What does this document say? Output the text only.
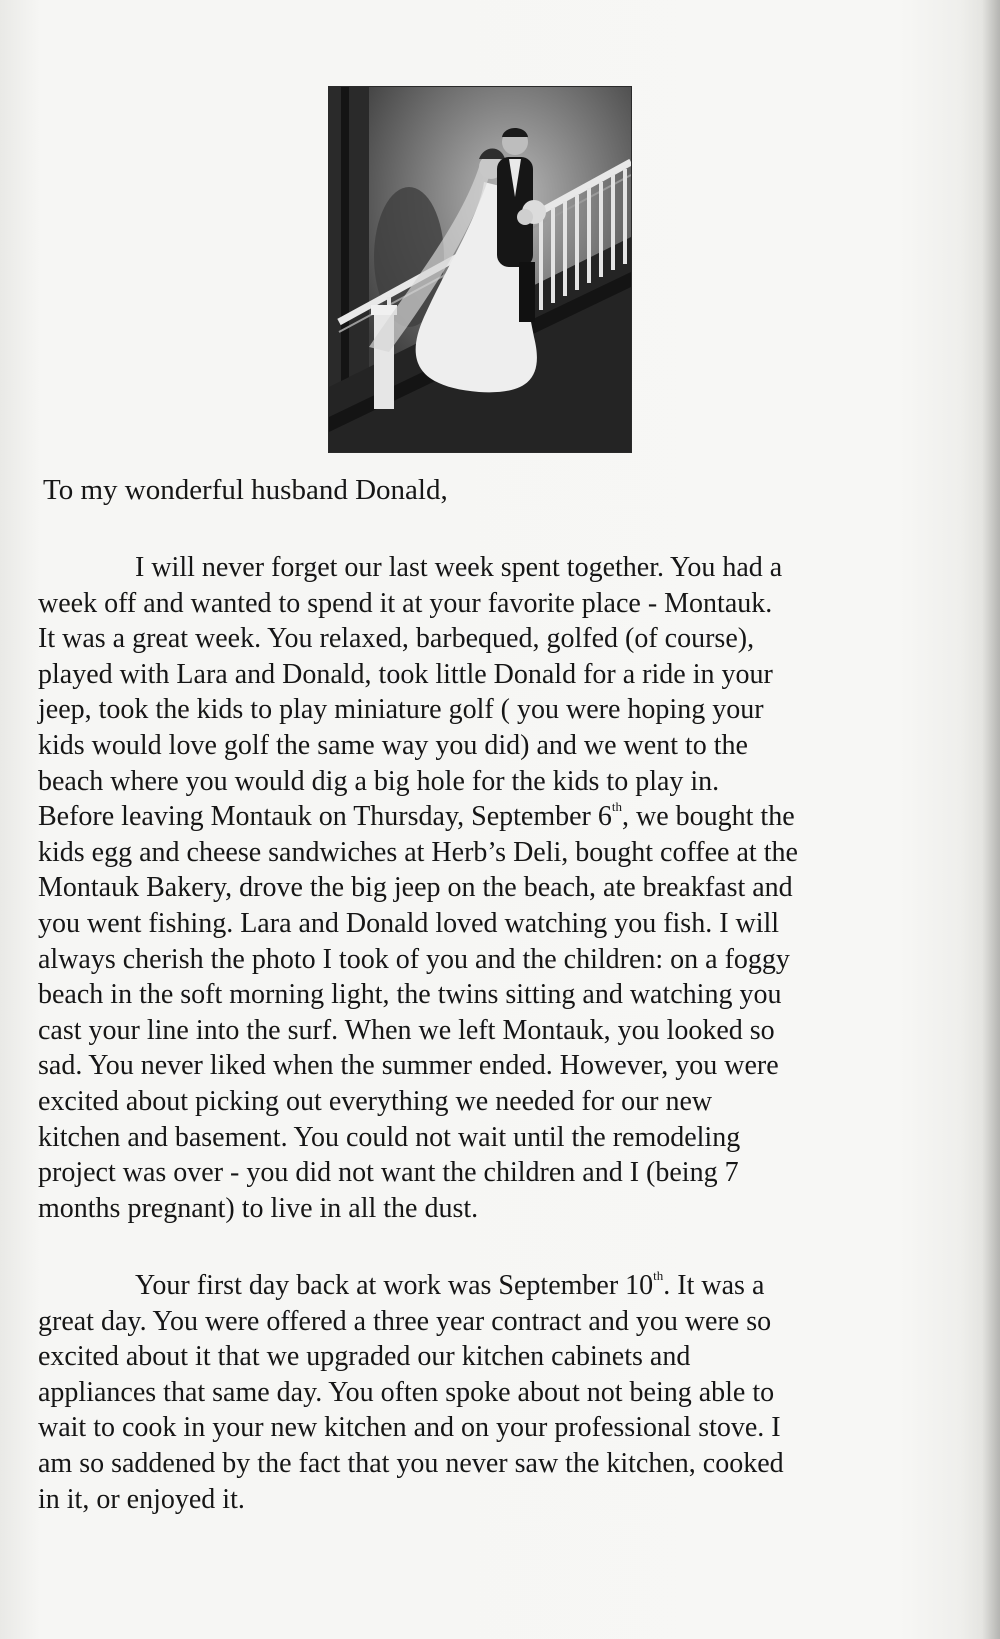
To my wonderful husband Donald,

I will never forget our last week spent together. You had a
week off and wanted to spend it at your favorite place - Montauk.
It was a great week. You relaxed, barbequed, golfed (of course),
played with Lara and Donald, took little Donald for a ride in your
jeep, took the kids to play miniature golf ( you were hoping your
kids would love golf the same way you did) and we went to the
beach where you would dig a big hole for the kids to play in.
Before leaving Montauk on Thursday, September 6th, we bought the
kids egg and cheese sandwiches at Herb’s Deli, bought coffee at the
Montauk Bakery, drove the big jeep on the beach, ate breakfast and
you went fishing. Lara and Donald loved watching you fish. I will
always cherish the photo I took of you and the children: on a foggy
beach in the soft morning light, the twins sitting and watching you
cast your line into the surf. When we left Montauk, you looked so
sad. You never liked when the summer ended. However, you were
excited about picking out everything we needed for our new
kitchen and basement. You could not wait until the remodeling
project was over - you did not want the children and I (being 7
months pregnant) to live in all the dust.
Your first day back at work was September 10th. It was a
great day. You were offered a three year contract and you were so
excited about it that we upgraded our kitchen cabinets and
appliances that same day. You often spoke about not being able to
wait to cook in your new kitchen and on your professional stove. I
am so saddened by the fact that you never saw the kitchen, cooked
in it, or enjoyed it.
